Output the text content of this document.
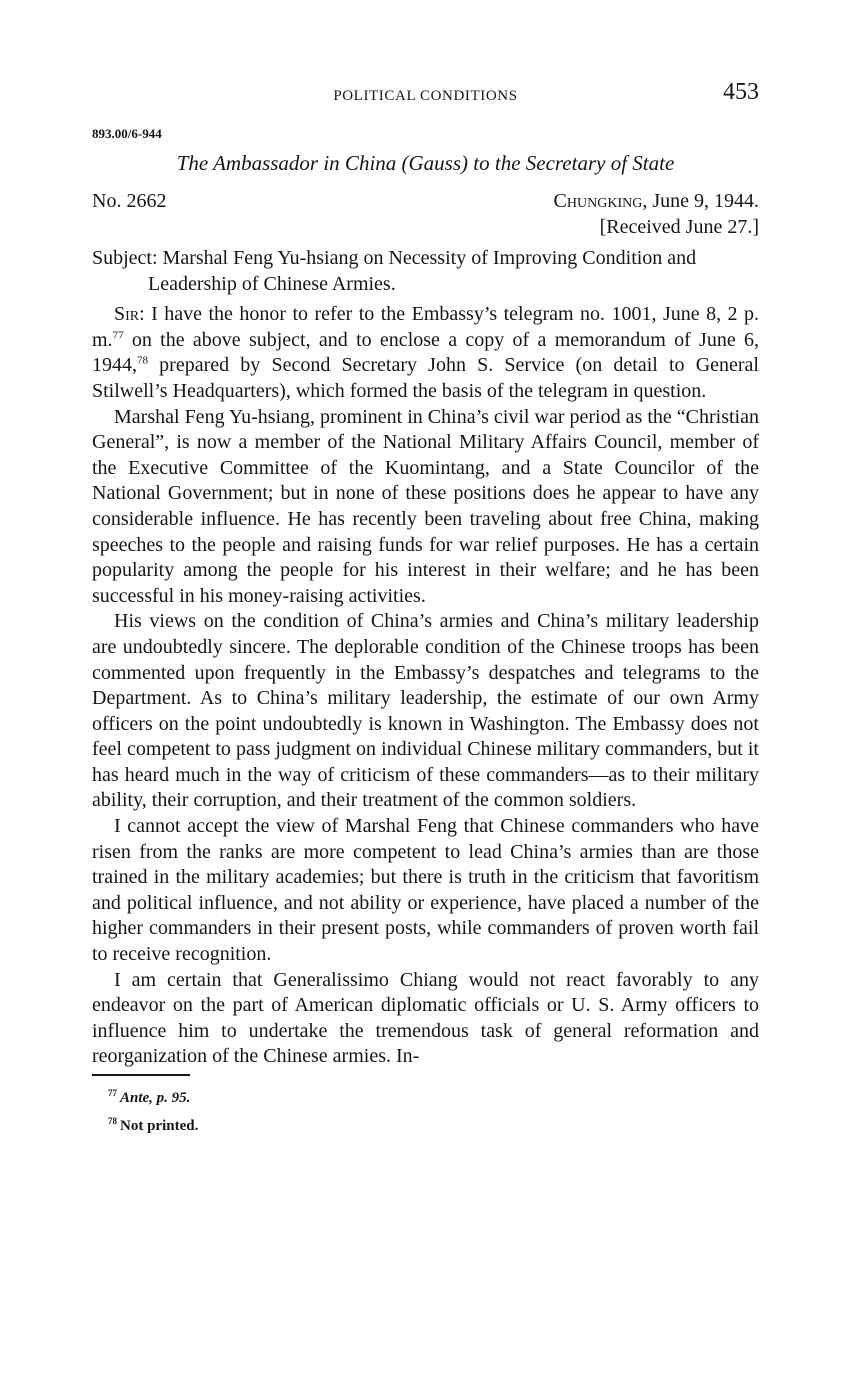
POLITICAL CONDITIONS	453
893.00/6-944
The Ambassador in China (Gauss) to the Secretary of State
No. 2662	Chungking, June 9, 1944.
[Received June 27.]
Subject: Marshal Feng Yu-hsiang on Necessity of Improving Condition and Leadership of Chinese Armies.

Sir: I have the honor to refer to the Embassy’s telegram no. 1001, June 8, 2 p. m.$^{77}$ on the above subject, and to enclose a copy of a memorandum of June 6, 1944,78 prepared by Second Secretary John S. Service (on detail to General Stilwell’s Headquarters), which formed the basis of the telegram in question.

Marshal Feng Yu-hsiang, prominent in China’s civil war period as the “Christian General”, is now a member of the National Military Affairs Council, member of the Executive Committee of the Kuomintang, and a State Councilor of the National Government; but in none of these positions does he appear to have any considerable influence. He has recently been traveling about free China, making speeches to the people and raising funds for war relief purposes. He has a certain popularity among the people for his interest in their welfare; and he has been successful in his money-raising activities.

His views on the condition of China’s armies and China’s military leadership are undoubtedly sincere. The deplorable condition of the Chinese troops has been commented upon frequently in the Embassy’s despatches and telegrams to the Department. As to China’s military leadership, the estimate of our own Army officers on the point undoubtedly is known in Washington. The Embassy does not feel competent to pass judgment on individual Chinese military commanders, but it has heard much in the way of criticism of these commanders—as to their military ability, their corruption, and their treatment of the common soldiers.

I cannot accept the view of Marshal Feng that Chinese commanders who have risen from the ranks are more competent to lead China’s armies than are those trained in the military academies; but there is truth in the criticism that favoritism and political influence, and not ability or experience, have placed a number of the higher commanders in their present posts, while commanders of proven worth fail to receive recognition.

I am certain that Generalissimo Chiang would not react favorably to any endeavor on the part of American diplomatic officials or U. S. Army officers to influence him to undertake the tremendous task of general reformation and reorganization of the Chinese armies. In-

$^{77}$ Ante, p. 95.
$^{78}$ Not printed.
